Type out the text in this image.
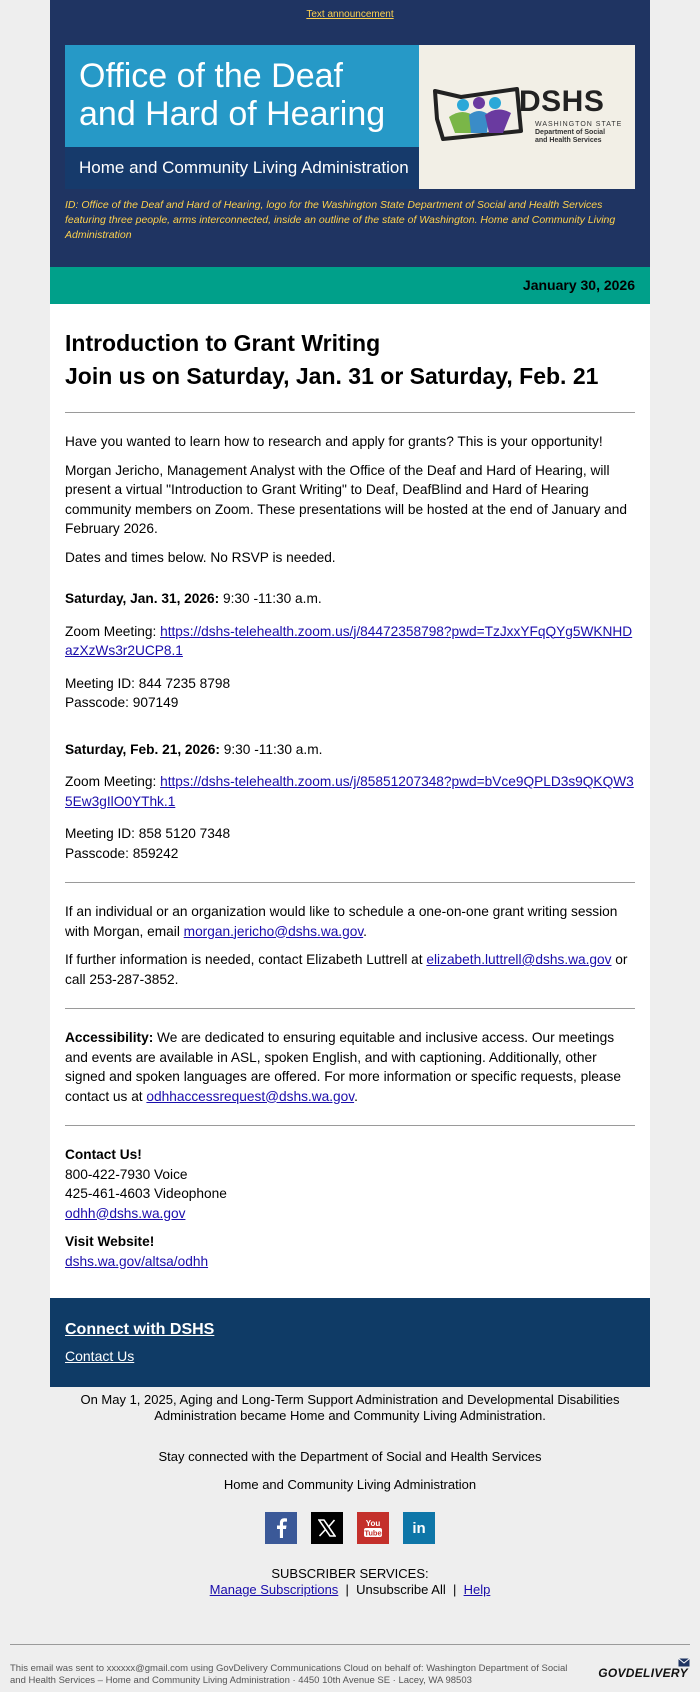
Text announcement
Office of the Deaf and Hard of Hearing
Home and Community Living Administration
DSHS
WASHINGTON STATE
Department of Social
and Health Services
ID: Office of the Deaf and Hard of Hearing, logo for the Washington State Department of Social and Health Services featuring three people, arms interconnected, inside an outline of the state of Washington. Home and Community Living Administration
January 30, 2026
Introduction to Grant Writing
Join us on Saturday, Jan. 31 or Saturday, Feb. 21

Have you wanted to learn how to research and apply for grants? This is your opportunity!

Morgan Jericho, Management Analyst with the Office of the Deaf and Hard of Hearing, will present a virtual "Introduction to Grant Writing" to Deaf, DeafBlind and Hard of Hearing community members on Zoom. These presentations will be hosted at the end of January and February 2026.

Dates and times below. No RSVP is needed.

Saturday, Jan. 31, 2026: 9:30 -11:30 a.m.

Zoom Meeting: https://dshs-telehealth.zoom.us/j/84472358798?pwd=TzJxxYFqQYg5WKNHDazXzWs3r2UCP8.1

Meeting ID: 844 7235 8798
Passcode: 907149

Saturday, Feb. 21, 2026: 9:30 -11:30 a.m.

Zoom Meeting: https://dshs-telehealth.zoom.us/j/85851207348?pwd=bVce9QPLD3s9QKQW35Ew3gIlO0YThk.1

Meeting ID: 858 5120 7348
Passcode: 859242

If an individual or an organization would like to schedule a one-on-one grant writing session with Morgan, email morgan.jericho@dshs.wa.gov.

If further information is needed, contact Elizabeth Luttrell at elizabeth.luttrell@dshs.wa.gov or call 253-287-3852.

Accessibility: We are dedicated to ensuring equitable and inclusive access. Our meetings and events are available in ASL, spoken English, and with captioning. Additionally, other signed and spoken languages are offered. For more information or specific requests, please contact us at odhhaccessrequest@dshs.wa.gov.

Contact Us!
800-422-7930 Voice
425-461-4603 Videophone
odhh@dshs.wa.gov

Visit Website!
dshs.wa.gov/altsa/odhh

Connect with DSHS
Contact Us
On May 1, 2025, Aging and Long-Term Support Administration and Developmental Disabilities Administration became Home and Community Living Administration.
Stay connected with the Department of Social and Health Services
Home and Community Living Administration
You
Tube in
SUBSCRIBER SERVICES:
Manage Subscriptions  |  Unsubscribe All  |  Help
This email was sent to xxxxxx@gmail.com using GovDelivery Communications Cloud on behalf of: Washington Department of Social and Health Services – Home and Community Living Administration · 4450 10th Avenue SE · Lacey, WA 98503
GOVDELIVERY
